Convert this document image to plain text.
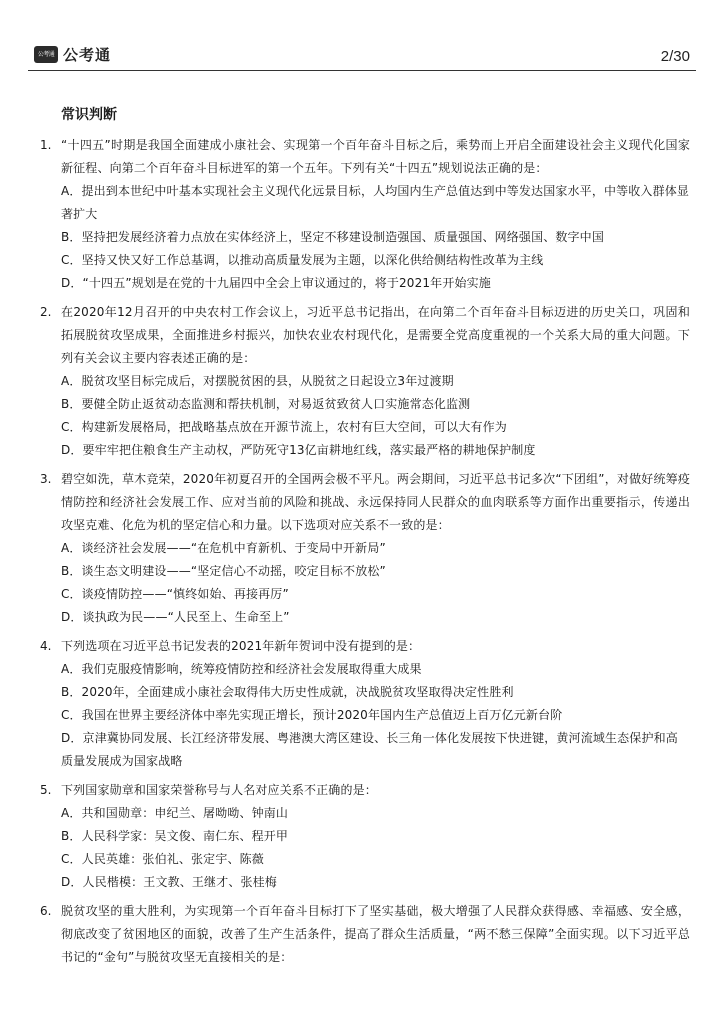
公考通 公考通	2/30
常识判断
1. “十四五”时期是我国全面建成小康社会、实现第一个百年奋斗目标之后，乘势而上开启全面建设社会主义现代化国家新征程、向第二个百年奋斗目标进军的第一个五年。下列有关“十四五”规划说法正确的是：
A．提出到本世纪中叶基本实现社会主义现代化远景目标，人均国内生产总值达到中等发达国家水平，中等收入群体显著扩大
B．坚持把发展经济着力点放在实体经济上，坚定不移建设制造强国、质量强国、网络强国、数字中国
C．坚持又快又好工作总基调，以推动高质量发展为主题，以深化供给侧结构性改革为主线
D．“十四五”规划是在党的十九届四中全会上审议通过的，将于2021年开始实施
2. 在2020年12月召开的中央农村工作会议上，习近平总书记指出，在向第二个百年奋斗目标迈进的历史关口，巩固和拓展脱贫攻坚成果，全面推进乡村振兴，加快农业农村现代化，是需要全党高度重视的一个关系大局的重大问题。下列有关会议主要内容表述正确的是：
A．脱贫攻坚目标完成后，对摆脱贫困的县，从脱贫之日起设立3年过渡期
B．要健全防止返贫动态监测和帮扶机制，对易返贫致贫人口实施常态化监测
C．构建新发展格局，把战略基点放在开源节流上，农村有巨大空间，可以大有作为
D．要牢牢把住粮食生产主动权，严防死守13亿亩耕地红线，落实最严格的耕地保护制度
3. 碧空如洗，草木竞荣，2020年初夏召开的全国两会极不平凡。两会期间，习近平总书记多次“下团组”，对做好统筹疫情防控和经济社会发展工作、应对当前的风险和挑战、永远保持同人民群众的血肉联系等方面作出重要指示，传递出攻坚克难、化危为机的坚定信心和力量。以下选项对应关系不一致的是：
A．谈经济社会发展——“在危机中育新机、于变局中开新局”
B．谈生态文明建设——“坚定信心不动摇，咬定目标不放松”
C．谈疫情防控——“慎终如始、再接再厉”
D．谈执政为民——“人民至上、生命至上”
4. 下列选项在习近平总书记发表的2021年新年贺词中没有提到的是：
A．我们克服疫情影响，统筹疫情防控和经济社会发展取得重大成果
B．2020年，全面建成小康社会取得伟大历史性成就，决战脱贫攻坚取得决定性胜利
C．我国在世界主要经济体中率先实现正增长，预计2020年国内生产总值迈上百万亿元新台阶
D．京津冀协同发展、长江经济带发展、粤港澳大湾区建设、长三角一体化发展按下快进键，黄河流域生态保护和高质量发展成为国家战略
5. 下列国家勋章和国家荣誉称号与人名对应关系不正确的是：
A．共和国勋章：申纪兰、屠呦呦、钟南山
B．人民科学家：吴文俊、南仁东、程开甲
C．人民英雄：张伯礼、张定宇、陈薇
D．人民楷模：王文教、王继才、张桂梅
6. 脱贫攻坚的重大胜利，为实现第一个百年奋斗目标打下了坚实基础，极大增强了人民群众获得感、幸福感、安全感，彻底改变了贫困地区的面貌，改善了生产生活条件，提高了群众生活质量，“两不愁三保障”全面实现。以下习近平总书记的“金句”与脱贫攻坚无直接相关的是：
